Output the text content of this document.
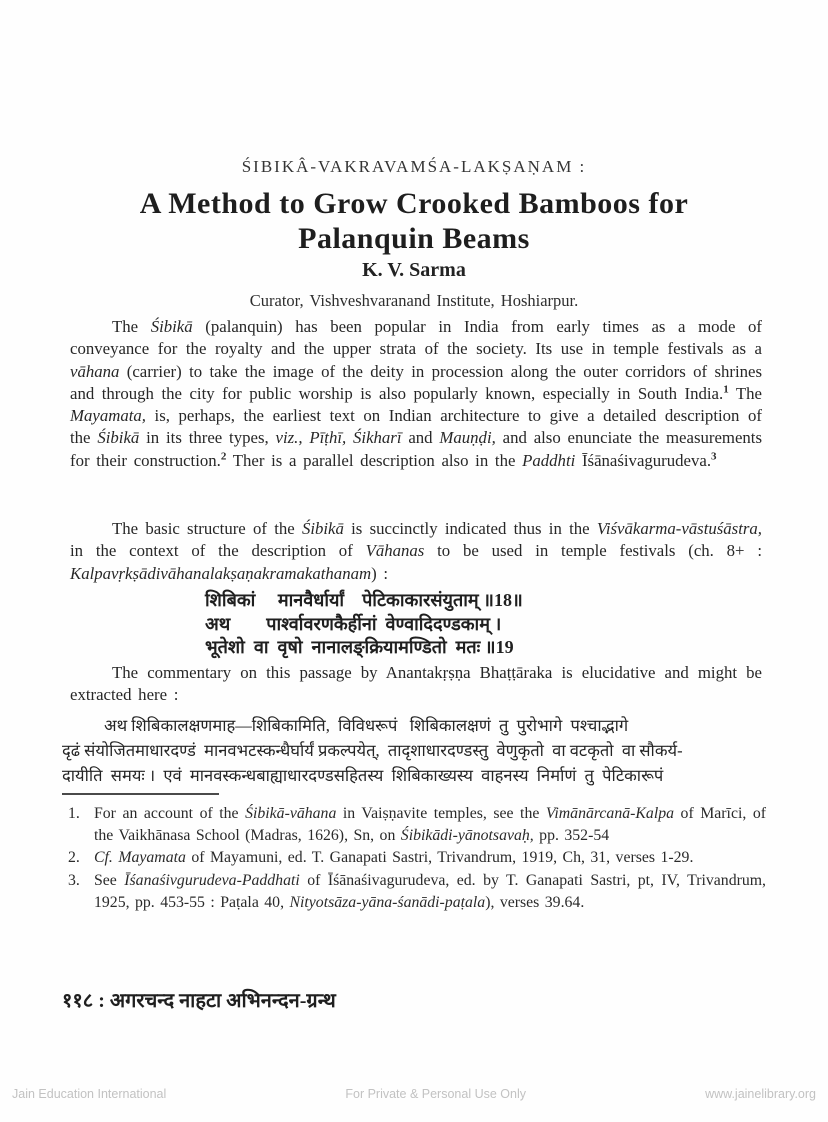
ŚIBIKÂ-VAKRAVAMŚA-LAKṢAṆAM :
A Method to Grow Crooked Bamboos for
Palanquin Beams
K. V. Sarma
Curator, Vishveshvaranand Institute, Hoshiarpur.

The Śibikā (palanquin) has been popular in India from early times as a mode of conveyance for the royalty and the upper strata of the society. Its use in temple festivals as a vāhana (carrier) to take the image of the deity in procession along the outer corridors of shrines and through the city for public worship is also popularly known, especially in South India.$^1$ The Mayamata, is, perhaps, the earliest text on Indian architecture to give a detailed description of the Śibikā in its three types, viz., Pīṭhī, Śikharī and Mauṇḍi, and also enunciate the measurements for their construction.$^2$ Ther is a parallel description also in the Paddhti Īśānaśivagurudeva.$^3$

The basic structure of the Śibikā is succinctly indicated thus in the Viśvākarma-vāstuśāstra, in the context of the description of Vāhanas to be used in temple festivals (ch. 8+ : Kalpavṛkṣādivāhanalakṣaṇakramakathanam) :

शिबिकां     मानवैर्धार्यां    पेटिकाकारसंयुताम् ॥18॥
अथ        पार्श्वावरणकैर्हीनां  वेण्वादिदण्डकाम् ।
भूतेशो  वा  वृषो  नानालङ्क्रियामण्डितो  मतः ॥19

The commentary on this passage by Anantakṛṣṇa Bhaṭṭāraka is elucidative and might be extracted here :

अथ शिबिकालक्षणमाह—शिबिकामिति,  विविधरूपं   शिबिकालक्षणं  तु  पुरोभागे  पश्चाद्भागे
दृढं संयोजितमाधारदण्डं  मानवभटस्कन्धैर्घार्यं प्रकल्पयेत्,  तादृशाधारदण्डस्तु  वेणुकृतो  वा वटकृतो  वा सौकर्य-
दायीति  समयः ।  एवं  मानवस्कन्धबाह्याधारदण्डसहितस्य  शिबिकाख्यस्य  वाहनस्य  निर्माणं  तु  पेटिकारूपं
1. For an account of the Śibikā-vāhana in Vaiṣṇavite temples, see the Vimānārcanā-Kalpa of Marīci, of the Vaikhānasa School (Madras, 1626), Sn, on Śibikādi-yānotsavaḥ, pp. 352-54
2. Cf. Mayamata of Mayamuni, ed. T. Ganapati Sastri, Trivandrum, 1919, Ch, 31, verses 1-29.
3. See Īśanaśivgurudeva-Paddhati of Īśānaśivagurudeva, ed. by T. Ganapati Sastri, pt, IV, Trivandrum, 1925, pp. 453-55 : Paṭala 40, Nityotsāza-yāna-śanādi-paṭala), verses 39.64.
११८ : अगरचन्द नाहटा अभिनन्दन-ग्रन्थ
Jain Education International	For Private & Personal Use Only	www.jainelibrary.org
